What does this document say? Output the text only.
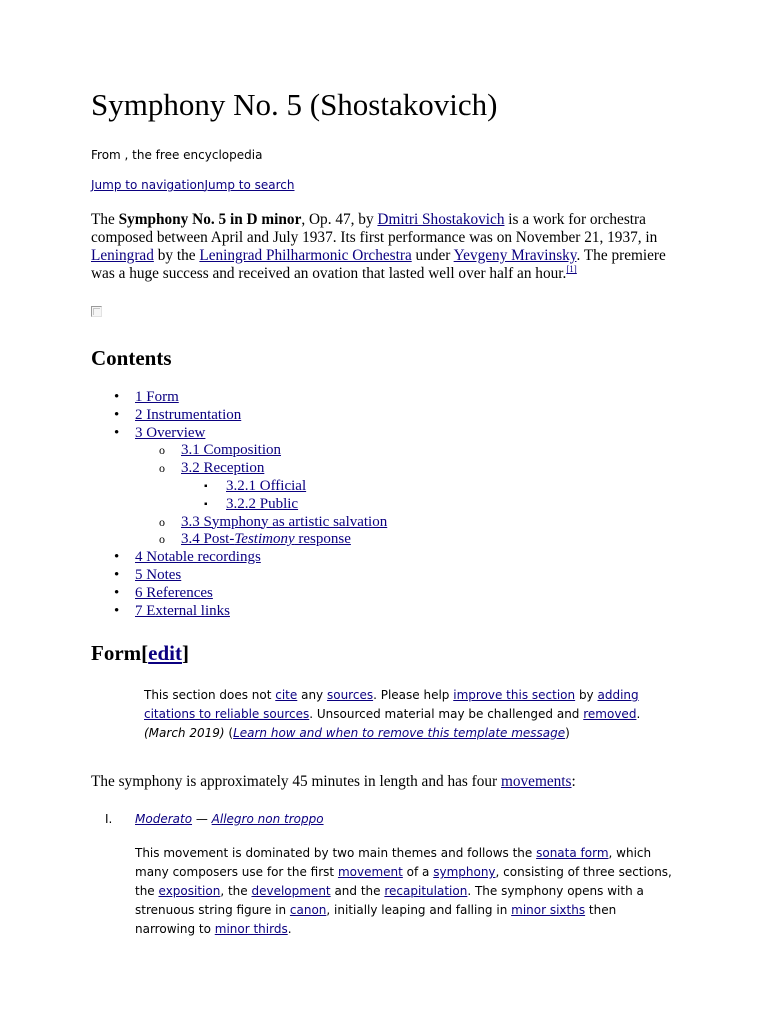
Symphony No. 5 (Shostakovich)
From , the free encyclopedia
Jump to navigationJump to search

The Symphony No. 5 in D minor, Op. 47, by Dmitri Shostakovich is a work for orchestra composed between April and July 1937. Its first performance was on November 21, 1937, in Leningrad by the Leningrad Philharmonic Orchestra under Yevgeny Mravinsky. The premiere was a huge success and received an ovation that lasted well over half an hour.[1]

Contents
• 1 Form
• 2 Instrumentation
• 3 Overview
o 3.1 Composition
o 3.2 Reception
▪ 3.2.1 Official
▪ 3.2.2 Public
o 3.3 Symphony as artistic salvation
o 3.4 Post-Testimony response
• 4 Notable recordings
• 5 Notes
• 6 References
• 7 External links
Form[edit]
This section does not cite any sources. Please help improve this section by adding citations to reliable sources. Unsourced material may be challenged and removed. (March 2019) (Learn how and when to remove this template message)

The symphony is approximately 45 minutes in length and has four movements:

I. Moderato — Allegro non troppo

This movement is dominated by two main themes and follows the sonata form, which many composers use for the first movement of a symphony, consisting of three sections, the exposition, the development and the recapitulation. The symphony opens with a strenuous string figure in canon, initially leaping and falling in minor sixths then narrowing to minor thirds.
